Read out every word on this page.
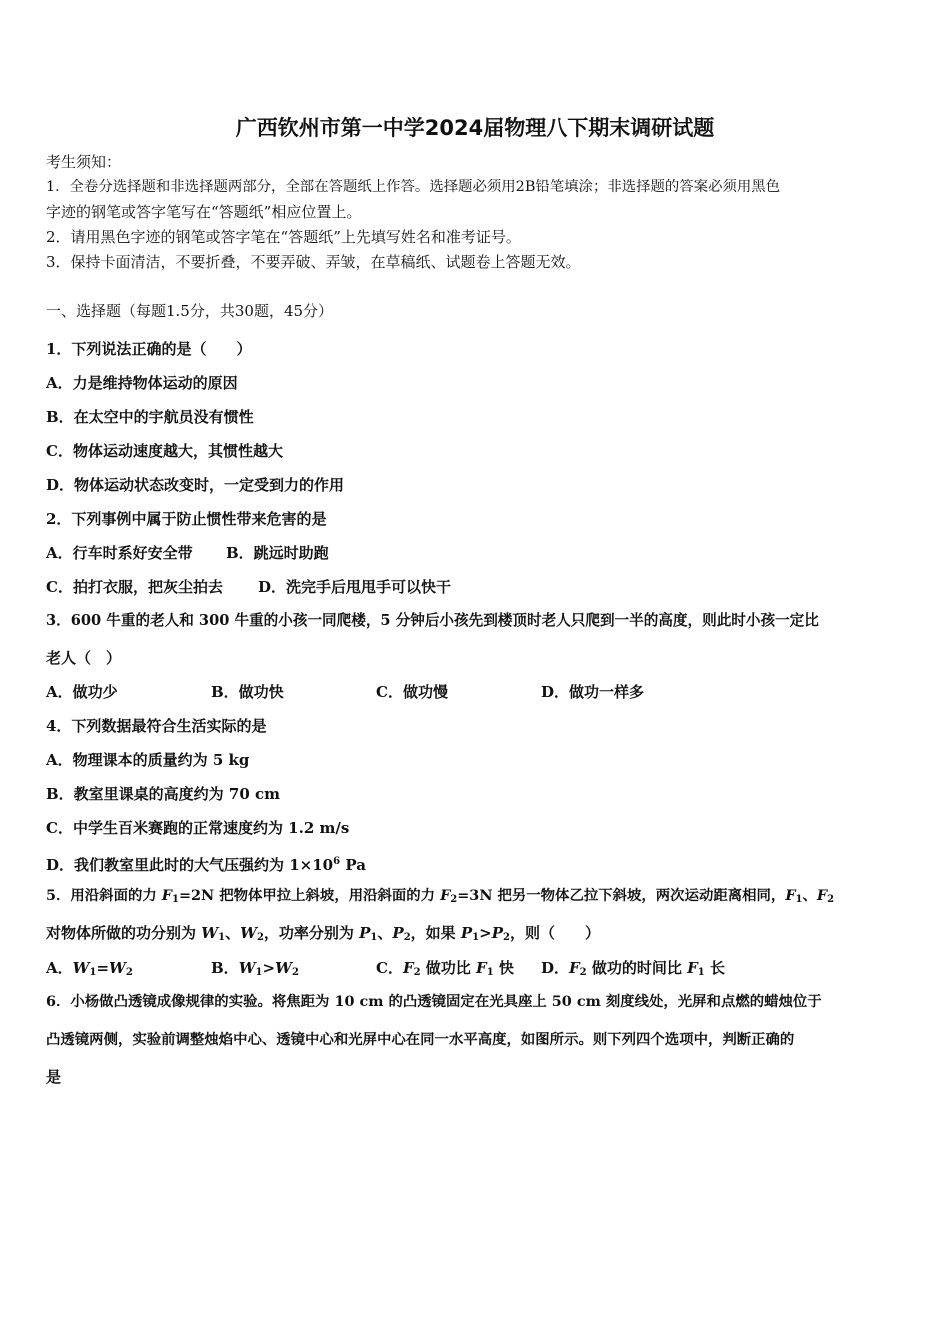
广西钦州市第一中学2024届物理八下期末调研试题
考生须知：
1．全卷分选择题和非选择题两部分，全部在答题纸上作答。选择题必须用2B铅笔填涂；非选择题的答案必须用黑色
字迹的钢笔或答字笔写在“答题纸”相应位置上。
2．请用黑色字迹的钢笔或答字笔在“答题纸”上先填写姓名和准考证号。
3．保持卡面清洁，不要折叠，不要弄破、弄皱，在草稿纸、试题卷上答题无效。
一、选择题（每题1.5分，共30题，45分）
1．下列说法正确的是（　　）
A．力是维持物体运动的原因
B．在太空中的宇航员没有惯性
C．物体运动速度越大，其惯性越大
D．物体运动状态改变时，一定受到力的作用
2．下列事例中属于防止惯性带来危害的是
A．行车时系好安全带 B．跳远时助跑
C．拍打衣服，把灰尘拍去 D．洗完手后甩甩手可以快干
3．600 牛重的老人和 300 牛重的小孩一同爬楼，5 分钟后小孩先到楼顶时老人只爬到一半的高度，则此时小孩一定比
老人（　）
A．做功少	B．做功快	C．做功慢	D．做功一样多
4．下列数据最符合生活实际的是
A．物理课本的质量约为 5 kg
B．教室里课桌的高度约为 70 cm
C．中学生百米赛跑的正常速度约为 1.2 m/s
D．我们教室里此时的大气压强约为 $1\times 10^6$ Pa
5．用沿斜面的力 $F_1=2N$ 把物体甲拉上斜坡，用沿斜面的力 $F_2=3N$ 把另一物体乙拉下斜坡，两次运动距离相同，$F_1$、$F_2$
对物体所做的功分别为 $W_1$、$W_2$，功率分别为 $P_1$、$P_2$，如果 $P_1>P_2$，则（　　）
A．$W_1=W_2$	B．$W_1>W_2$	C．$F_2$ 做功比 $F_1$ 快 D．$F_2$ 做功的时间比 $F_1$ 长
6．小杨做凸透镜成像规律的实验。将焦距为 10 cm 的凸透镜固定在光具座上 50 cm 刻度线处，光屏和点燃的蜡烛位于
凸透镜两侧，实验前调整烛焰中心、透镜中心和光屏中心在同一水平高度，如图所示。则下列四个选项中，判断正确的
是
